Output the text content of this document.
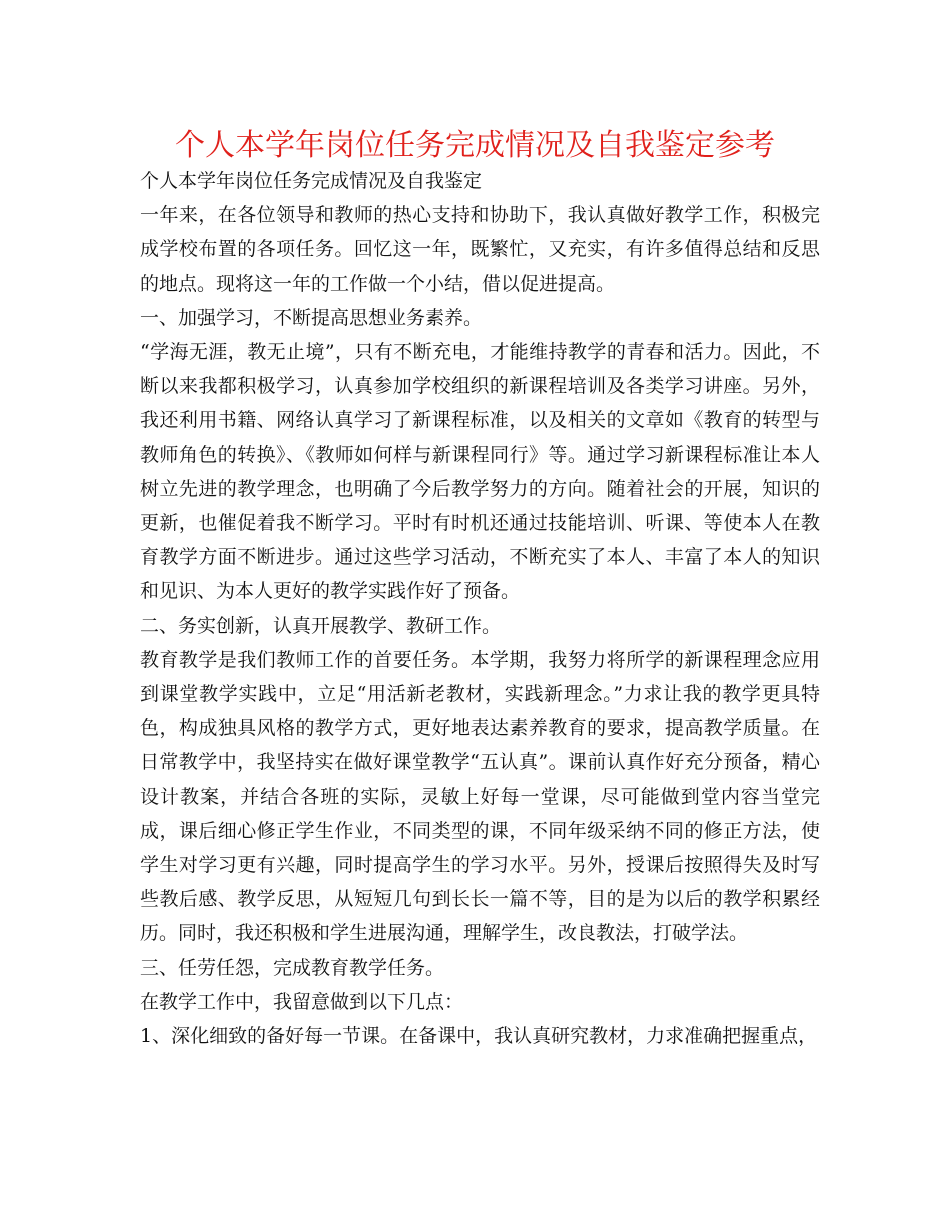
个人本学年岗位任务完成情况及自我鉴定参考

个人本学年岗位任务完成情况及自我鉴定

一年来，在各位领导和教师的热心支持和协助下，我认真做好教学工作，积极完成学校布置的各项任务。回忆这一年，既繁忙，又充实，有许多值得总结和反思的地点。现将这一年的工作做一个小结，借以促进提高。

一、加强学习，不断提高思想业务素养。

“学海无涯，教无止境”，只有不断充电，才能维持教学的青春和活力。因此，不断以来我都积极学习，认真参加学校组织的新课程培训及各类学习讲座。另外，我还利用书籍、网络认真学习了新课程标准，以及相关的文章如《教育的转型与教师角色的转换》、《教师如何样与新课程同行》等。通过学习新课程标准让本人树立先进的教学理念，也明确了今后教学努力的方向。随着社会的开展，知识的更新，也催促着我不断学习。平时有时机还通过技能培训、听课、等使本人在教育教学方面不断进步。通过这些学习活动，不断充实了本人、丰富了本人的知识和见识、为本人更好的教学实践作好了预备。

二、务实创新，认真开展教学、教研工作。

教育教学是我们教师工作的首要任务。本学期，我努力将所学的新课程理念应用到课堂教学实践中，立足“用活新老教材，实践新理念。”力求让我的教学更具特色，构成独具风格的教学方式，更好地表达素养教育的要求，提高教学质量。在日常教学中，我坚持实在做好课堂教学“五认真”。课前认真作好充分预备，精心设计教案，并结合各班的实际，灵敏上好每一堂课，尽可能做到堂内容当堂完成，课后细心修正学生作业，不同类型的课，不同年级采纳不同的修正方法，使学生对学习更有兴趣，同时提高学生的学习水平。另外，授课后按照得失及时写些教后感、教学反思，从短短几句到长长一篇不等，目的是为以后的教学积累经历。同时，我还积极和学生进展沟通，理解学生，改良教法，打破学法。

三、任劳任怨，完成教育教学任务。

在教学工作中，我留意做到以下几点：

1、深化细致的备好每一节课。在备课中，我认真研究教材，力求准确把握重点，
